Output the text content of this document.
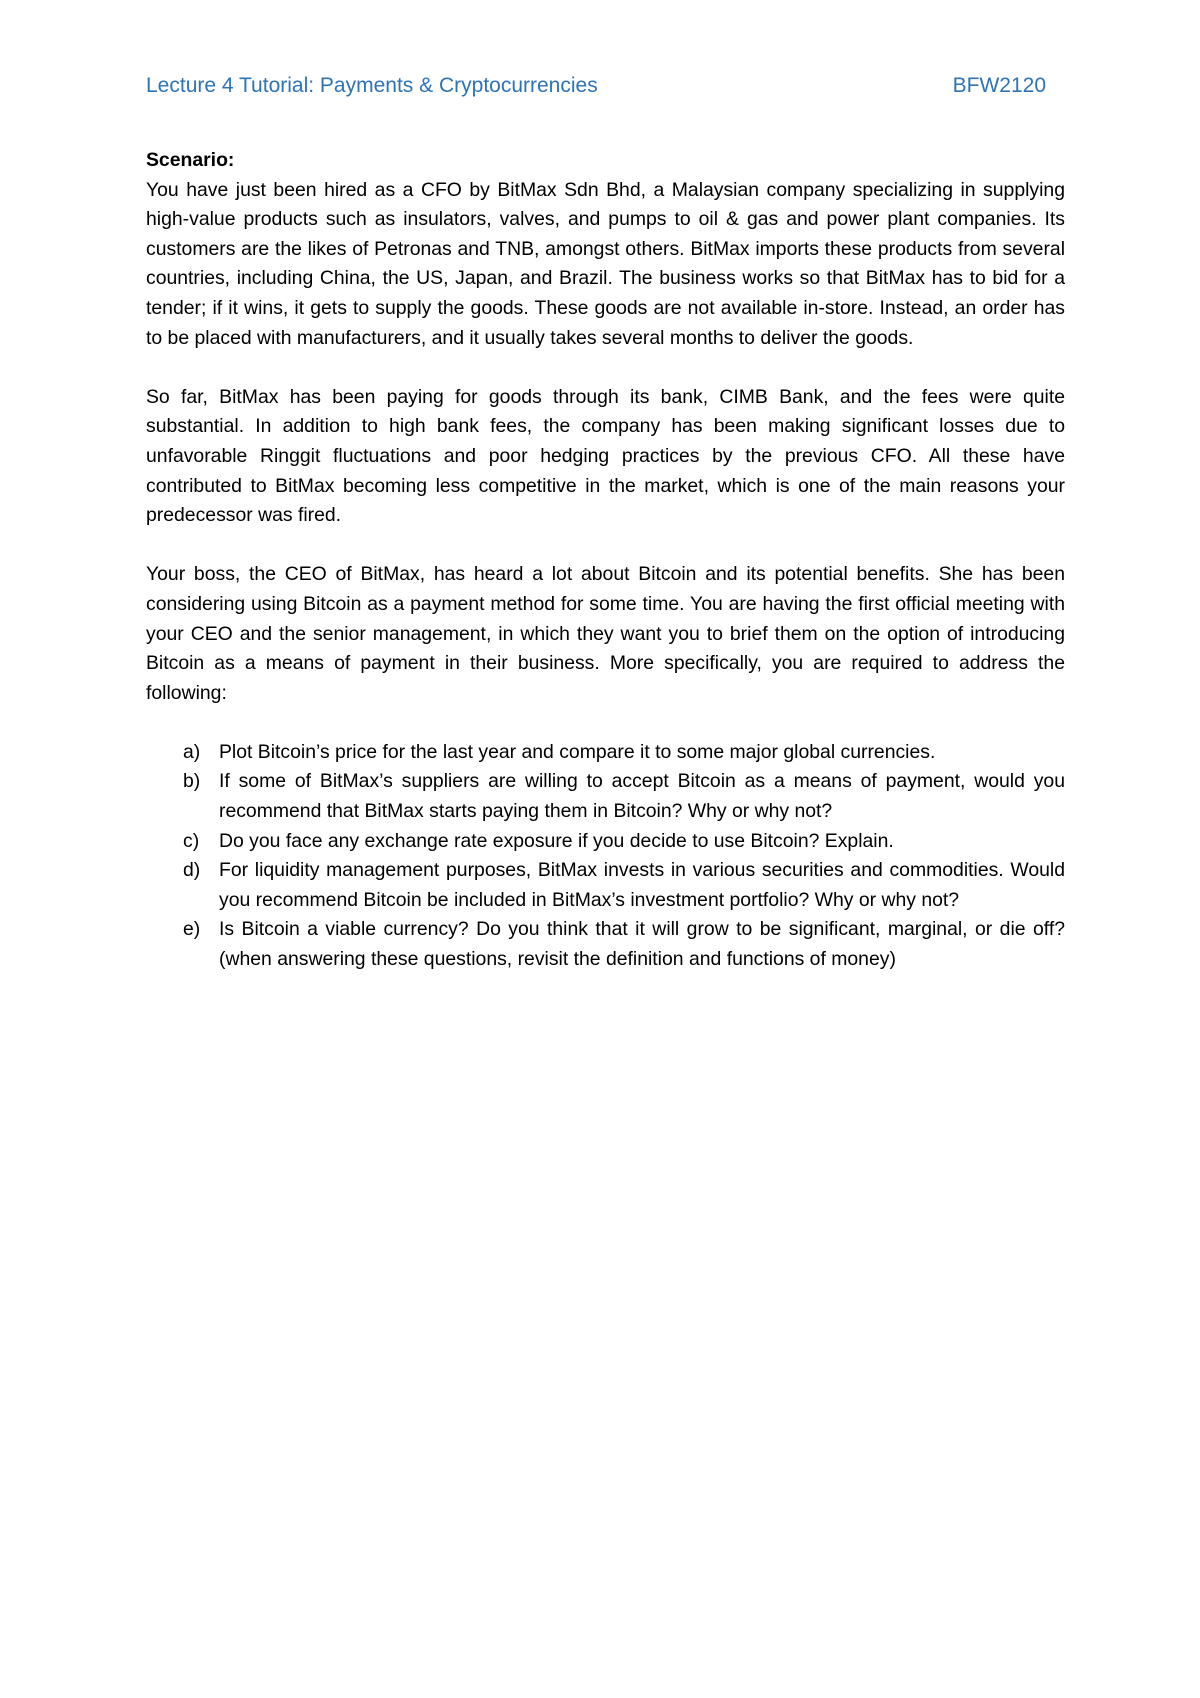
Lecture 4 Tutorial: Payments & Cryptocurrencies	BFW2120

Scenario:

You have just been hired as a CFO by BitMax Sdn Bhd, a Malaysian company specializing in supplying high-value products such as insulators, valves, and pumps to oil & gas and power plant companies. Its customers are the likes of Petronas and TNB, amongst others. BitMax imports these products from several countries, including China, the US, Japan, and Brazil. The business works so that BitMax has to bid for a tender; if it wins, it gets to supply the goods. These goods are not available in-store. Instead, an order has to be placed with manufacturers, and it usually takes several months to deliver the goods.

So far, BitMax has been paying for goods through its bank, CIMB Bank, and the fees were quite substantial. In addition to high bank fees, the company has been making significant losses due to unfavorable Ringgit fluctuations and poor hedging practices by the previous CFO. All these have contributed to BitMax becoming less competitive in the market, which is one of the main reasons your predecessor was fired.

Your boss, the CEO of BitMax, has heard a lot about Bitcoin and its potential benefits. She has been considering using Bitcoin as a payment method for some time. You are having the first official meeting with your CEO and the senior management, in which they want you to brief them on the option of introducing Bitcoin as a means of payment in their business. More specifically, you are required to address the following:

a) Plot Bitcoin’s price for the last year and compare it to some major global currencies.
b) If some of BitMax’s suppliers are willing to accept Bitcoin as a means of payment, would you recommend that BitMax starts paying them in Bitcoin? Why or why not?
c)	Do you face any exchange rate exposure if you decide to use Bitcoin? Explain.
d) For liquidity management purposes, BitMax invests in various securities and commodities. Would you recommend Bitcoin be included in BitMax’s investment portfolio? Why or why not?
e) Is Bitcoin a viable currency? Do you think that it will grow to be significant, marginal, or die off? (when answering these questions, revisit the definition and functions of money)
